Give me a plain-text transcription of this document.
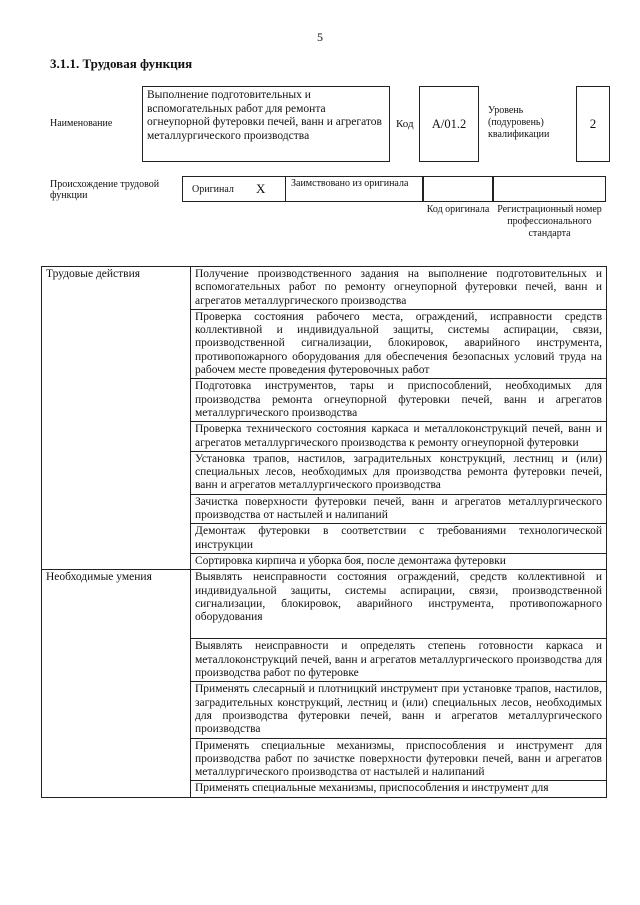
5
3.1.1. Трудовая функция
Наименование
Выполнение подготовительных и вспомогательных работ для ремонта огнеупорной футеровки печей, ванн и агрегатов металлургического производства
Код	А/01.2
Уровень (подуровень) квалификации
2
Происхождение трудовой функции
Оригинал X	Заимствовано из оригинала
Код оригинала Регистрационный номер профессионального стандарта
Трудовые действия	Получение производственного задания на выполнение подготовительных и вспомогательных работ по ремонту огнеупорной футеровки печей, ванн и агрегатов металлургического производства
	Проверка состояния рабочего места, ограждений, исправности средств коллективной и индивидуальной защиты, системы аспирации, связи, производственной сигнализации, блокировок, аварийного инструмента, противопожарного оборудования для обеспечения безопасных условий труда на рабочем месте проведения футеровочных работ
	Подготовка инструментов, тары и приспособлений, необходимых для производства ремонта огнеупорной футеровки печей, ванн и агрегатов металлургического производства
	Проверка технического состояния каркаса и металлоконструкций печей, ванн и агрегатов металлургического производства к ремонту огнеупорной футеровки
	Установка трапов, настилов, заградительных конструкций, лестниц и (или) специальных лесов, необходимых для производства ремонта футеровки печей, ванн и агрегатов металлургического производства
	Зачистка поверхности футеровки печей, ванн и агрегатов металлургического производства от настылей и налипаний
	Демонтаж футеровки в соответствии с требованиями технологической инструкции
	Сортировка кирпича и уборка боя, после демонтажа футеровки
Необходимые умения	Выявлять неисправности состояния ограждений, средств коллективной и индивидуальной защиты, системы аспирации, связи, производственной сигнализации, блокировок, аварийного инструмента, противопожарного оборудования
	Выявлять неисправности и определять степень готовности каркаса и металлоконструкций печей, ванн и агрегатов металлургического производства для производства работ по футеровке
	Применять слесарный и плотницкий инструмент при установке трапов, настилов, заградительных конструкций, лестниц и (или) специальных лесов, необходимых для производства футеровки печей, ванн и агрегатов металлургического производства
	Применять специальные механизмы, приспособления и инструмент для производства работ по зачистке поверхности футеровки печей, ванн и агрегатов металлургического производства от настылей и налипаний
	Применять специальные механизмы, приспособления и инструмент для
